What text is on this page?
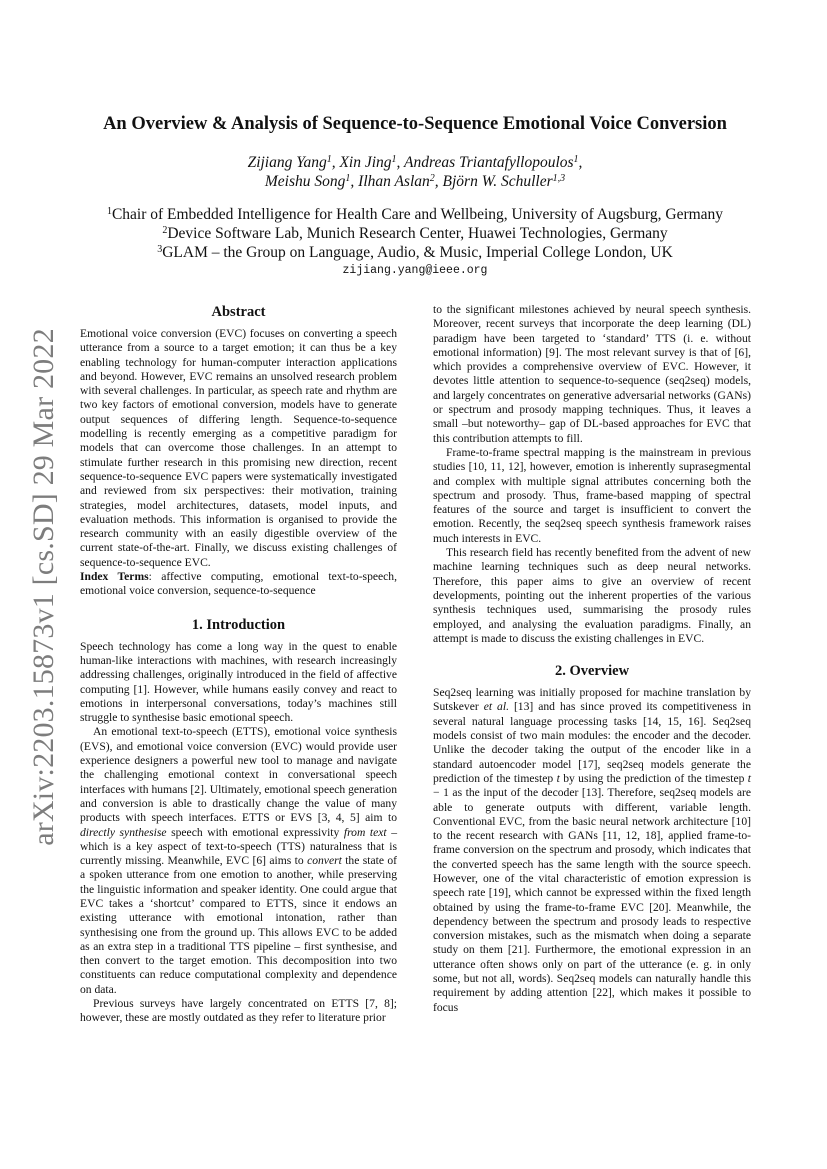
arXiv:2203.15873v1 [cs.SD] 29 Mar 2022
An Overview & Analysis of Sequence-to-Sequence Emotional Voice Conversion
Zijiang Yang$^1$, Xin Jing$^1$, Andreas Triantafyllopoulos$^1$,
Meishu Song$^1$, Ilhan Aslan$^2$, Björn W. Schuller$^{1,3}$
$^1$Chair of Embedded Intelligence for Health Care and Wellbeing, University of Augsburg, Germany
$^2$Device Software Lab, Munich Research Center, Huawei Technologies, Germany
$^3$GLAM – the Group on Language, Audio, & Music, Imperial College London, UK
zijiang.yang@ieee.org
Abstract

Emotional voice conversion (EVC) focuses on converting a speech utterance from a source to a target emotion; it can thus be a key enabling technology for human-computer interaction applications and beyond. However, EVC remains an unsolved research problem with several challenges. In particular, as speech rate and rhythm are two key factors of emotional conversion, models have to generate output sequences of differing length. Sequence-to-sequence modelling is recently emerging as a competitive paradigm for models that can overcome those challenges. In an attempt to stimulate further research in this promising new direction, recent sequence-to-sequence EVC papers were systematically investigated and reviewed from six perspectives: their motivation, training strategies, model architectures, datasets, model inputs, and evaluation methods. This information is organised to provide the research community with an easily digestible overview of the current state-of-the-art. Finally, we discuss existing challenges of sequence-to-sequence EVC.

Index Terms: affective computing, emotional text-to-speech, emotional voice conversion, sequence-to-sequence

1. Introduction

Speech technology has come a long way in the quest to enable human-like interactions with machines, with research increasingly addressing challenges, originally introduced in the field of affective computing [1]. However, while humans easily convey and react to emotions in interpersonal conversations, today’s machines still struggle to synthesise basic emotional speech.

An emotional text-to-speech (ETTS), emotional voice synthesis (EVS), and emotional voice conversion (EVC) would provide user experience designers a powerful new tool to manage and navigate the challenging emotional context in conversational speech interfaces with humans [2]. Ultimately, emotional speech generation and conversion is able to drastically change the value of many products with speech interfaces. ETTS or EVS [3, 4, 5] aim to directly synthesise speech with emotional expressivity from text – which is a key aspect of text-to-speech (TTS) naturalness that is currently missing. Meanwhile, EVC [6] aims to convert the state of a spoken utterance from one emotion to another, while preserving the linguistic information and speaker identity. One could argue that EVC takes a ‘shortcut’ compared to ETTS, since it endows an existing utterance with emotional intonation, rather than synthesising one from the ground up. This allows EVC to be added as an extra step in a traditional TTS pipeline – first synthesise, and then convert to the target emotion. This decomposition into two constituents can reduce computational complexity and dependence on data.

Previous surveys have largely concentrated on ETTS [7, 8]; however, these are mostly outdated as they refer to literature prior

to the significant milestones achieved by neural speech synthesis. Moreover, recent surveys that incorporate the deep learning (DL) paradigm have been targeted to ‘standard’ TTS (i. e. without emotional information) [9]. The most relevant survey is that of [6], which provides a comprehensive overview of EVC. However, it devotes little attention to sequence-to-sequence (seq2seq) models, and largely concentrates on generative adversarial networks (GANs) or spectrum and prosody mapping techniques. Thus, it leaves a small –but noteworthy– gap of DL-based approaches for EVC that this contribution attempts to fill.

Frame-to-frame spectral mapping is the mainstream in previous studies [10, 11, 12], however, emotion is inherently suprasegmental and complex with multiple signal attributes concerning both the spectrum and prosody. Thus, frame-based mapping of spectral features of the source and target is insufficient to convert the emotion. Recently, the seq2seq speech synthesis framework raises much interests in EVC.

This research field has recently benefited from the advent of new machine learning techniques such as deep neural networks. Therefore, this paper aims to give an overview of recent developments, pointing out the inherent properties of the various synthesis techniques used, summarising the prosody rules employed, and analysing the evaluation paradigms. Finally, an attempt is made to discuss the existing challenges in EVC.

2. Overview

Seq2seq learning was initially proposed for machine translation by Sutskever et al. [13] and has since proved its competitiveness in several natural language processing tasks [14, 15, 16]. Seq2seq models consist of two main modules: the encoder and the decoder. Unlike the decoder taking the output of the encoder like in a standard autoencoder model [17], seq2seq models generate the prediction of the timestep t by using the prediction of the timestep t − 1 as the input of the decoder [13]. Therefore, seq2seq models are able to generate outputs with different, variable length. Conventional EVC, from the basic neural network architecture [10] to the recent research with GANs [11, 12, 18], applied frame-to-frame conversion on the spectrum and prosody, which indicates that the converted speech has the same length with the source speech. However, one of the vital characteristic of emotion expression is speech rate [19], which cannot be expressed within the fixed length obtained by using the frame-to-frame EVC [20]. Meanwhile, the dependency between the spectrum and prosody leads to respective conversion mistakes, such as the mismatch when doing a separate study on them [21]. Furthermore, the emotional expression in an utterance often shows only on part of the utterance (e. g. in only some, but not all, words). Seq2seq models can naturally handle this requirement by adding attention [22], which makes it possible to focus
